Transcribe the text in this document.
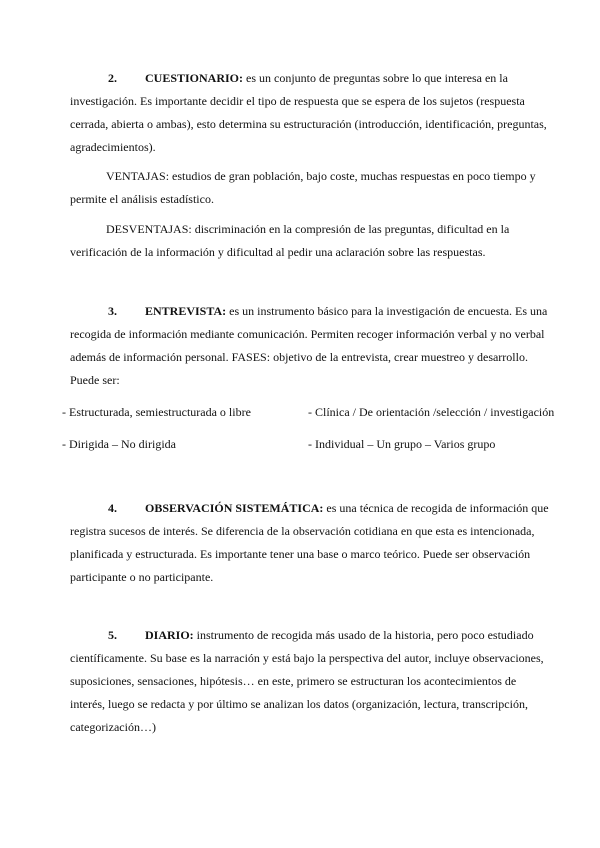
2. CUESTIONARIO: es un conjunto de preguntas sobre lo que interesa en la
investigación. Es importante decidir el tipo de respuesta que se espera de los sujetos (respuesta
cerrada, abierta o ambas), esto determina su estructuración (introducción, identificación, preguntas,
agradecimientos).
VENTAJAS: estudios de gran población, bajo coste, muchas respuestas en poco tiempo y
permite el análisis estadístico.
DESVENTAJAS: discriminación en la compresión de las preguntas, dificultad en la
verificación de la información y dificultad al pedir una aclaración sobre las respuestas.
3. ENTREVISTA: es un instrumento básico para la investigación de encuesta. Es una
recogida de información mediante comunicación. Permiten recoger información verbal y no verbal
además de información personal. FASES: objetivo de la entrevista, crear muestreo y desarrollo.
Puede ser:
- Estructurada, semiestructurada o libre	- Clínica / De orientación /selección / investigación
- Dirigida – No dirigida	- Individual – Un grupo – Varios grupo
4. OBSERVACIÓN SISTEMÁTICA: es una técnica de recogida de información que
registra sucesos de interés. Se diferencia de la observación cotidiana en que esta es intencionada,
planificada y estructurada. Es importante tener una base o marco teórico. Puede ser observación
participante o no participante.
5. DIARIO: instrumento de recogida más usado de la historia, pero poco estudiado
científicamente. Su base es la narración y está bajo la perspectiva del autor, incluye observaciones,
suposiciones, sensaciones, hipótesis… en este, primero se estructuran los acontecimientos de
interés, luego se redacta y por último se analizan los datos (organización, lectura, transcripción,
categorización…)
